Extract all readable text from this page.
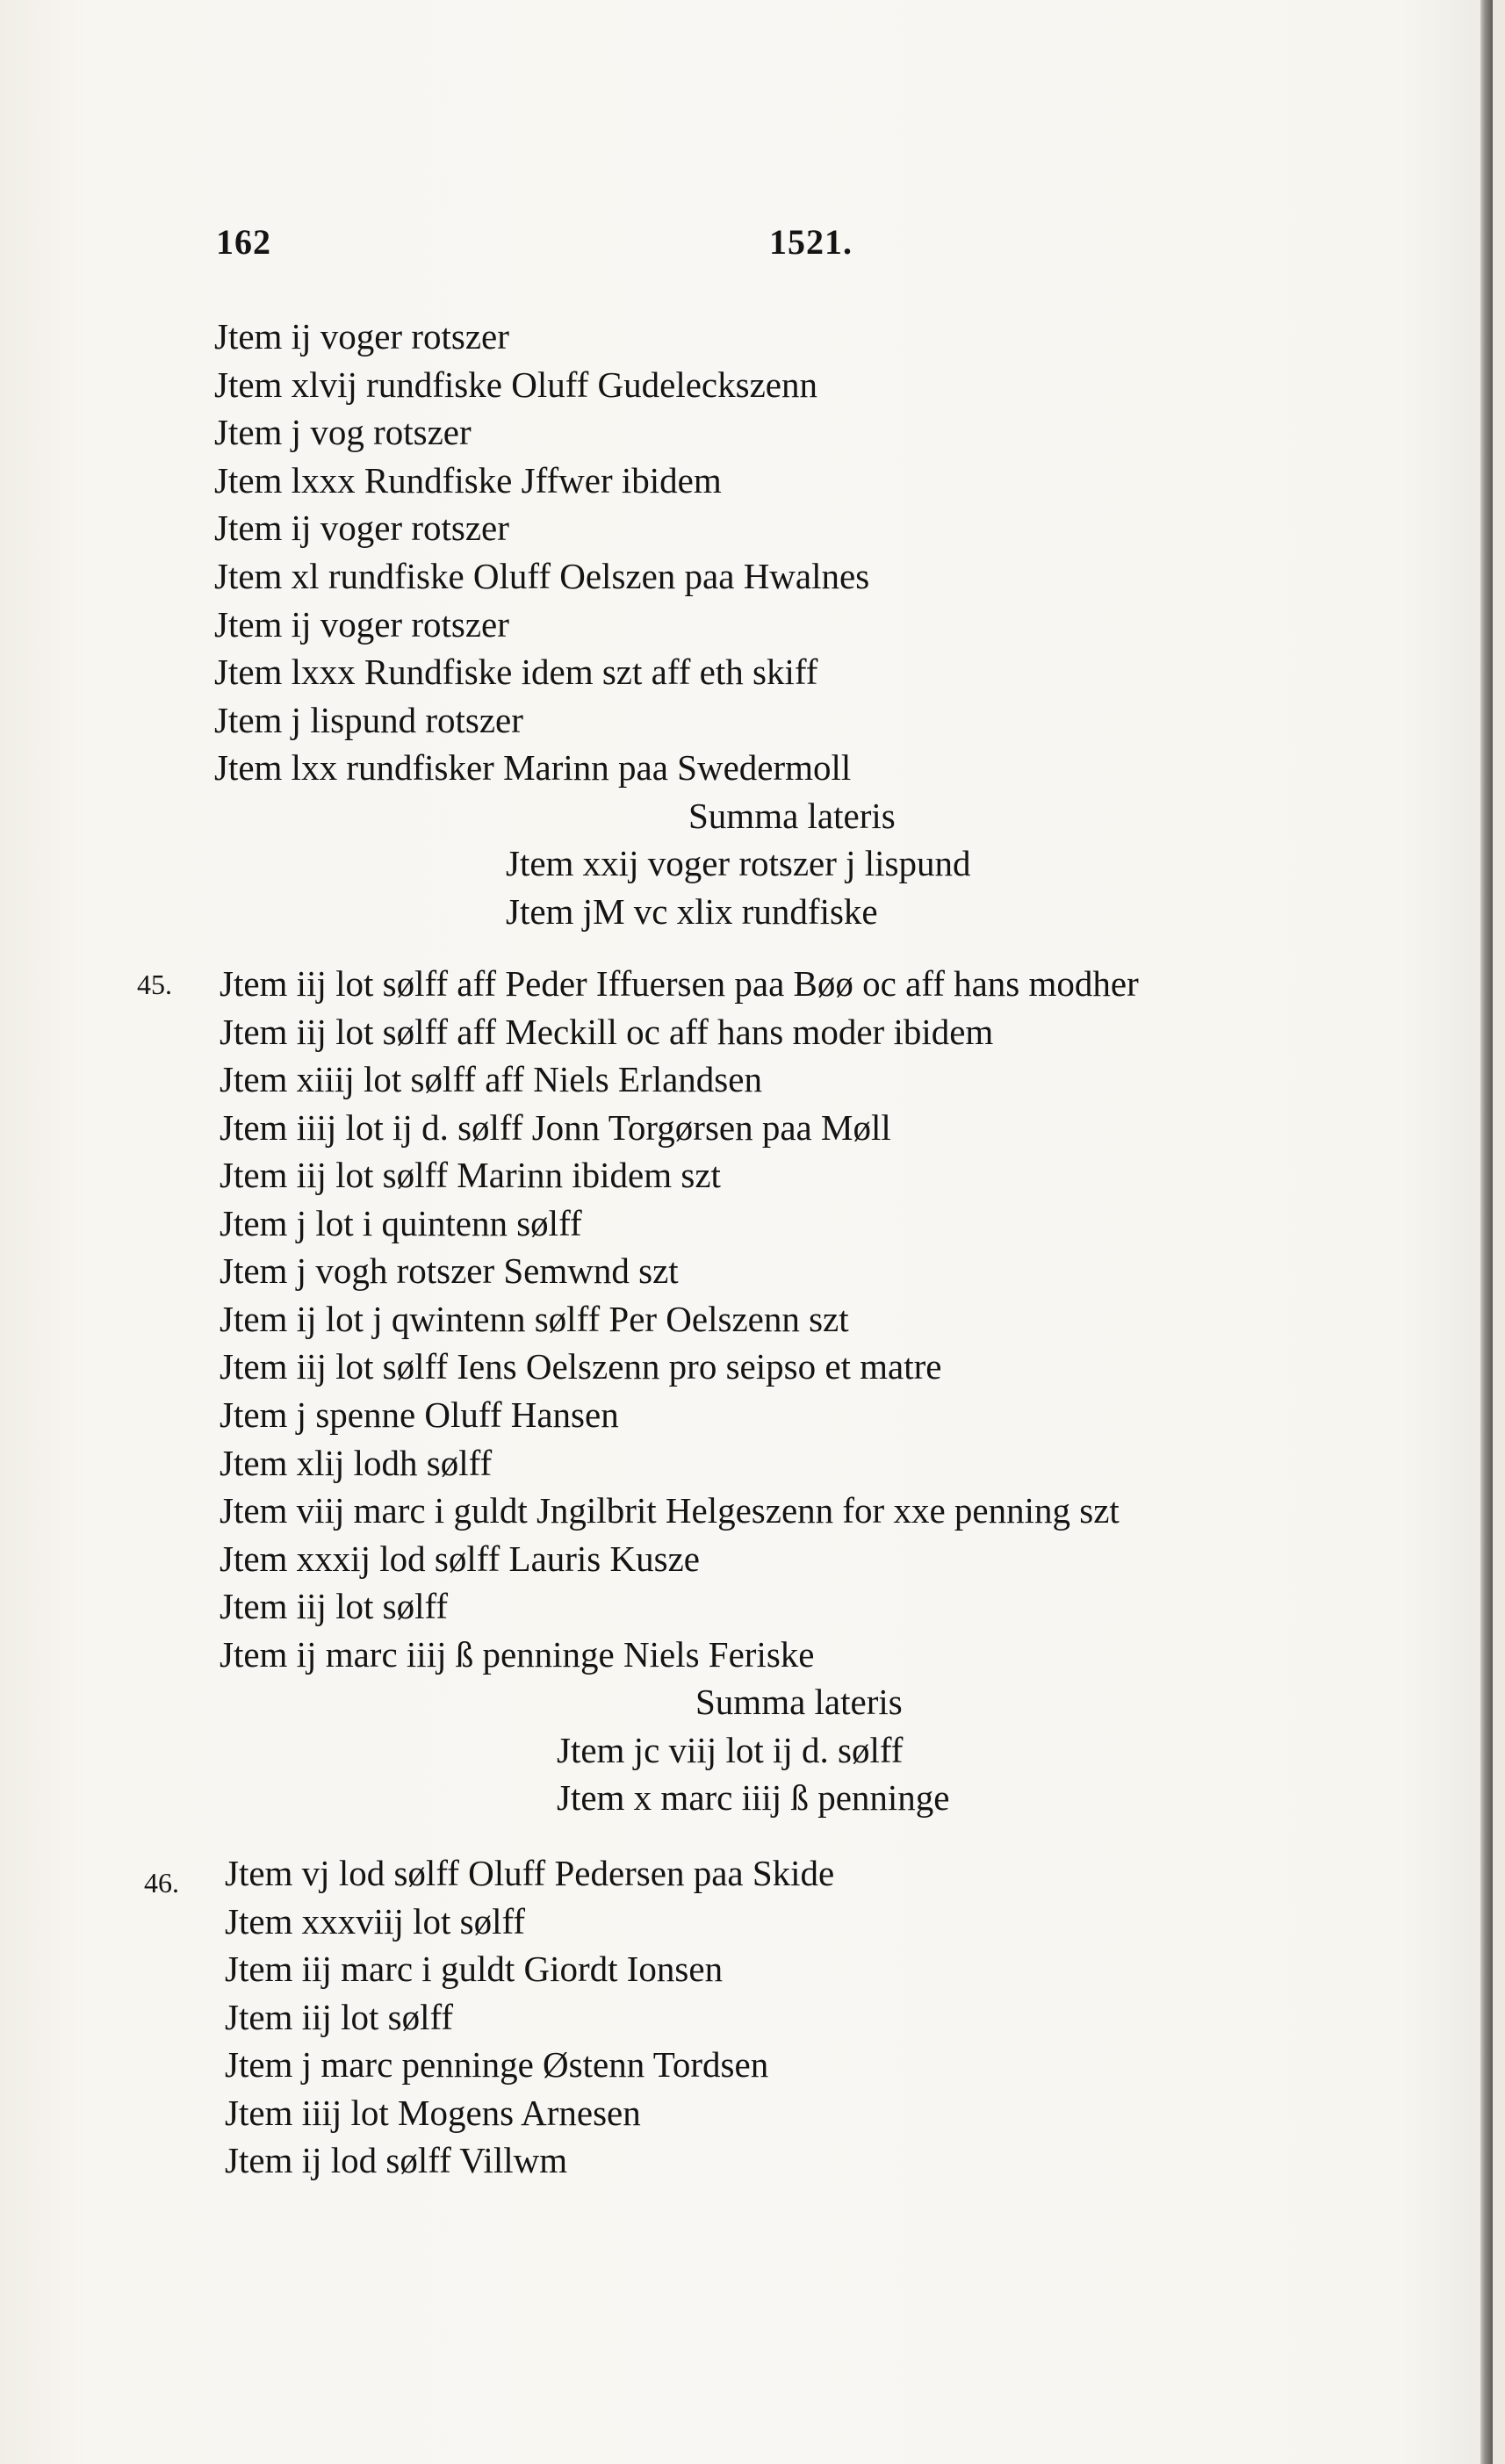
162	1521.
Jtem ij voger rotszer
Jtem xlvij rundfiske Oluff Gudeleckszenn
Jtem j vog rotszer
Jtem lxxx Rundfiske Jffwer ibidem
Jtem ij voger rotszer
Jtem xl rundfiske Oluff Oelszen paa Hwalnes
Jtem ij voger rotszer
Jtem lxxx Rundfiske idem szt aff eth skiff
Jtem j lispund rotszer
Jtem lxx rundfisker Marinn paa Swedermoll
Summa lateris
Jtem xxij voger rotszer j lispund
Jtem jM vc xlix rundfiske
45. Jtem iij lot sølff aff Peder Iffuersen paa Bøø oc aff hans modher
Jtem iij lot sølff aff Meckill oc aff hans moder ibidem
Jtem xiiij lot sølff aff Niels Erlandsen
Jtem iiij lot ij d. sølff Jonn Torgørsen paa Møll
Jtem iij lot sølff Marinn ibidem szt
Jtem j lot i quintenn sølff
Jtem j vogh rotszer Semwnd szt
Jtem ij lot j qwintenn sølff Per Oelszenn szt
Jtem iij lot sølff Iens Oelszenn pro seipso et matre
Jtem j spenne Oluff Hansen
Jtem xlij lodh sølff
Jtem viij marc i guldt Jngilbrit Helgeszenn for xxe penning szt
Jtem xxxij lod sølff Lauris Kusze
Jtem iij lot sølff
Jtem ij marc iiij ß penninge Niels Feriske
Summa lateris
Jtem jc viij lot ij d. sølff
Jtem x marc iiij ß penninge
46. Jtem vj lod sølff Oluff Pedersen paa Skide
Jtem xxxviij lot sølff
Jtem iij marc i guldt Giordt Ionsen
Jtem iij lot sølff
Jtem j marc penninge Østenn Tordsen
Jtem iiij lot Mogens Arnesen
Jtem ij lod sølff Villwm
